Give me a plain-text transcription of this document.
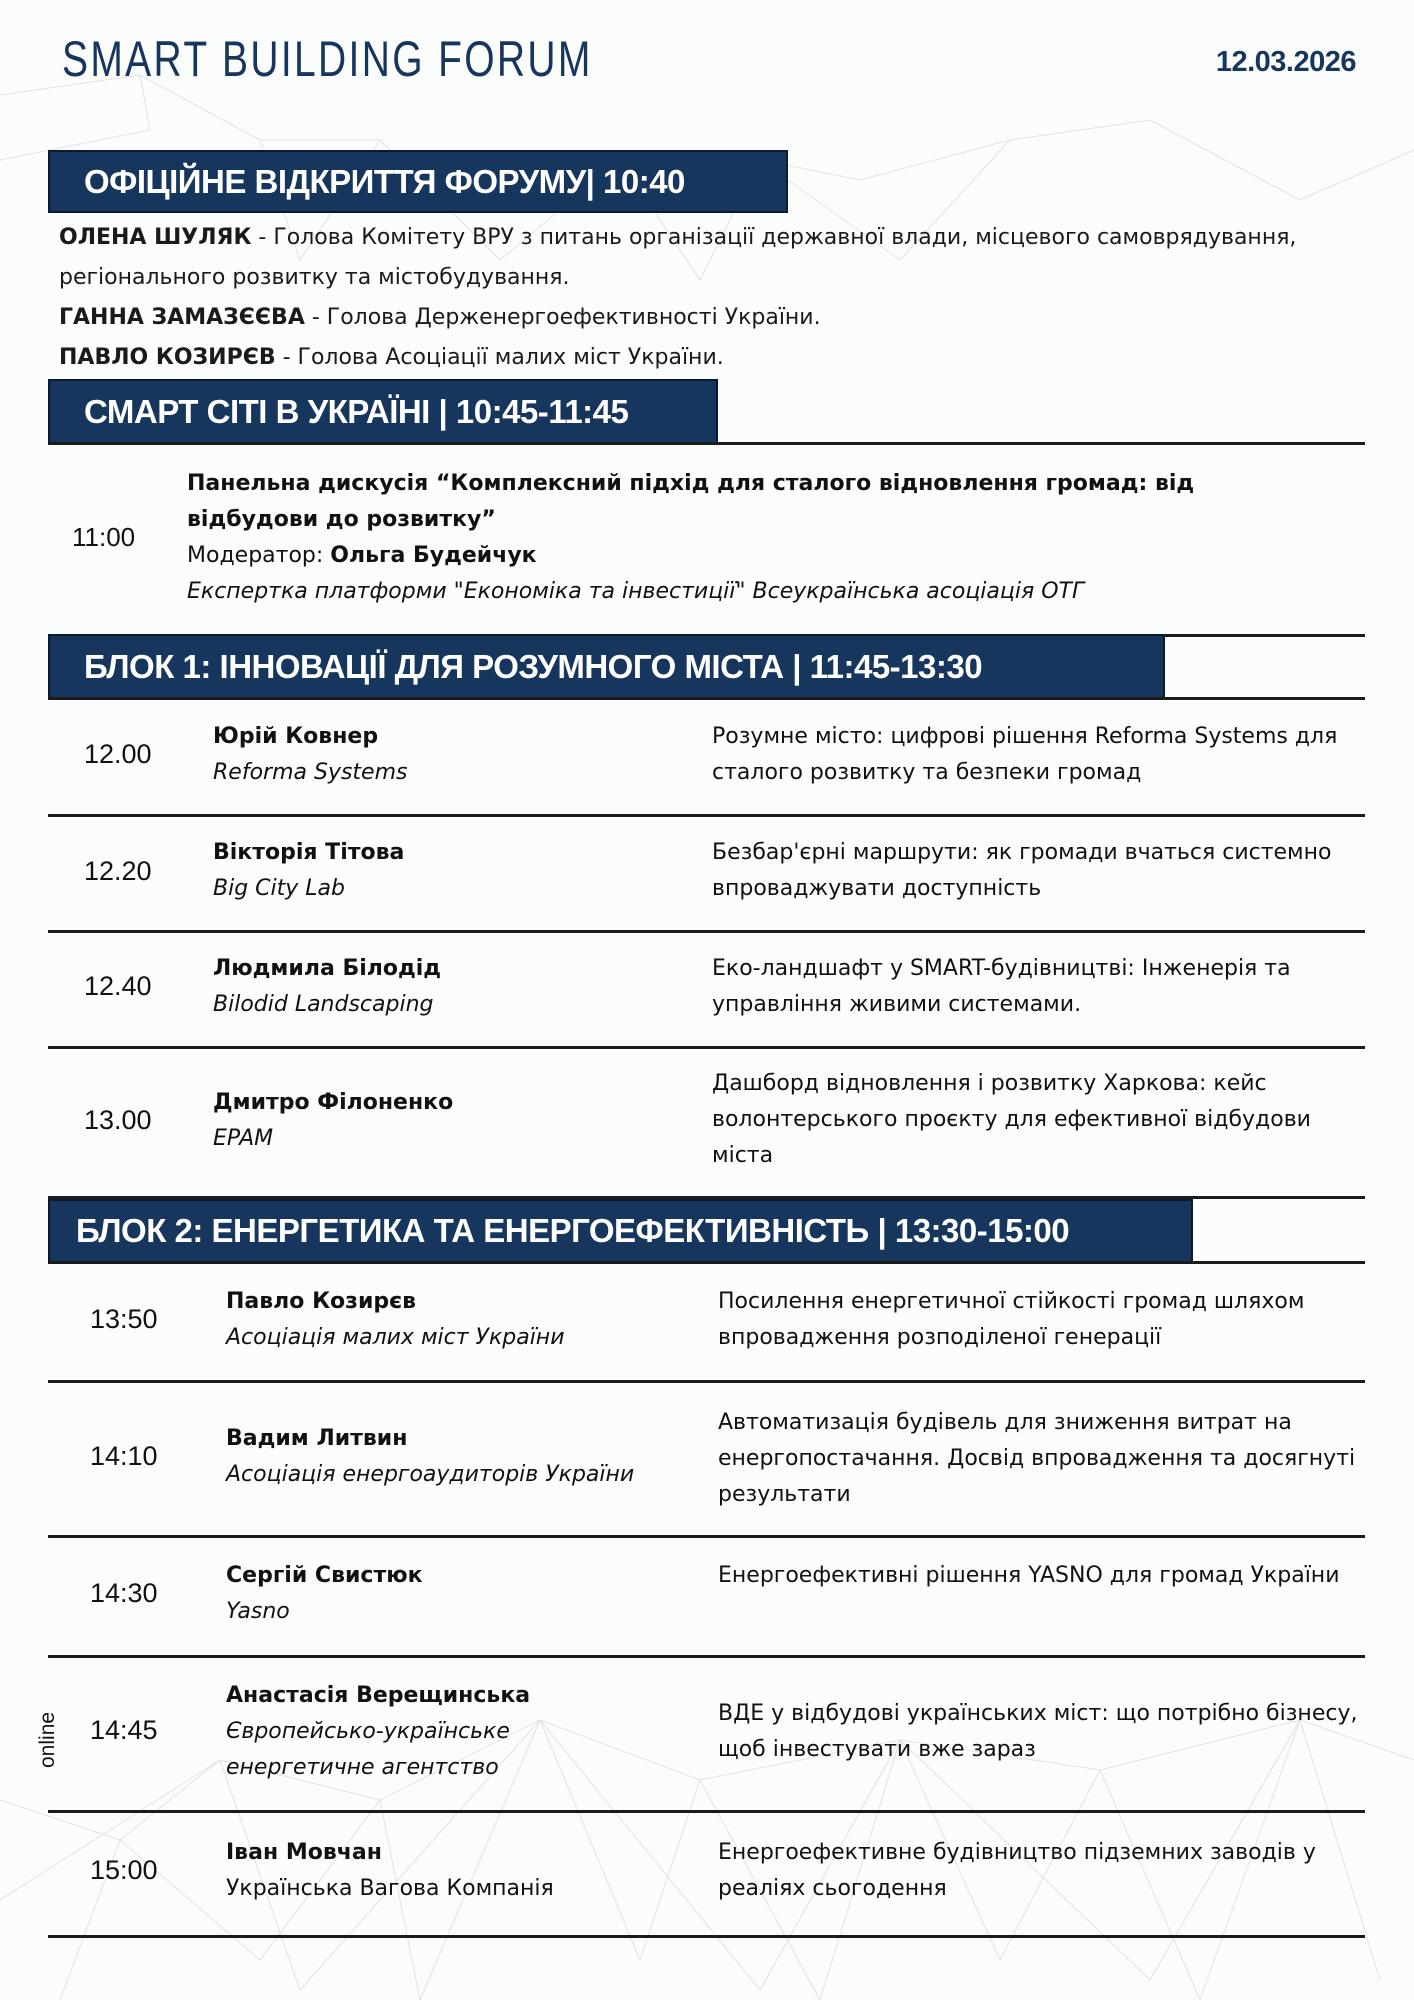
SMART BUILDING FORUM	12.03.2026
ОФІЦІЙНЕ ВІДКРИТТЯ ФОРУМУ| 10:40
ОЛЕНА ШУЛЯК - Голова Комітету ВРУ з питань організації державної влади, місцевого самоврядування, регіонального розвитку та містобудування.
ГАННА ЗАМАЗЄЄВА - Голова Держенергоефективності України.
ПАВЛО КОЗИРЄВ - Голова Асоціації малих міст України.
СМАРТ СІТІ В УКРАЇНІ | 10:45-11:45
11:00
Панельна дискусія “Комплексний підхід для сталого відновлення громад: від відбудови до розвитку”
Модератор: Ольга Будейчук
Експертка платформи "Економіка та інвестиції" Всеукраїнська асоціація ОТГ
БЛОК 1: ІННОВАЦІЇ ДЛЯ РОЗУМНОГО МІСТА | 11:45-13:30
12.00
Юрій Ковнер
Reforma Systems
Розумне місто: цифрові рішення Reforma Systems для сталого розвитку та безпеки громад
12.20
Вікторія Тітова
Big City Lab
Безбар'єрні маршрути: як громади вчаться системно впроваджувати доступність
12.40
Людмила Білодід
Bilodid Landscaping
Еко-ландшафт у SMART-будівництві: Інженерія та управління живими системами.
13.00
Дмитро Філоненко
EPAM
Дашборд відновлення і розвитку Харкова: кейс волонтерського проєкту для ефективної відбудови міста
БЛОК 2: ЕНЕРГЕТИКА ТА ЕНЕРГОЕФЕКТИВНІСТЬ | 13:30-15:00
13:50
Павло Козирєв
Асоціація малих міст України
Посилення енергетичної стійкості громад шляхом впровадження розподіленої генерації
14:10
Вадим Литвин
Асоціація енергоаудиторів України
Автоматизація будівель для зниження витрат на енергопостачання. Досвід впровадження та досягнуті результати
14:30
Сергій Свистюк
Yasno
Енергоефективні рішення YASNO для громад України
14:45
Анастасія Верещинська
Європейсько-українське енергетичне агентство
ВДЕ у відбудові українських міст: що потрібно бізнесу, щоб інвестувати вже зараз
online
15:00
Іван Мовчан
Українська Вагова Компанія
Енергоефективне будівництво підземних заводів у реаліях сьогодення
